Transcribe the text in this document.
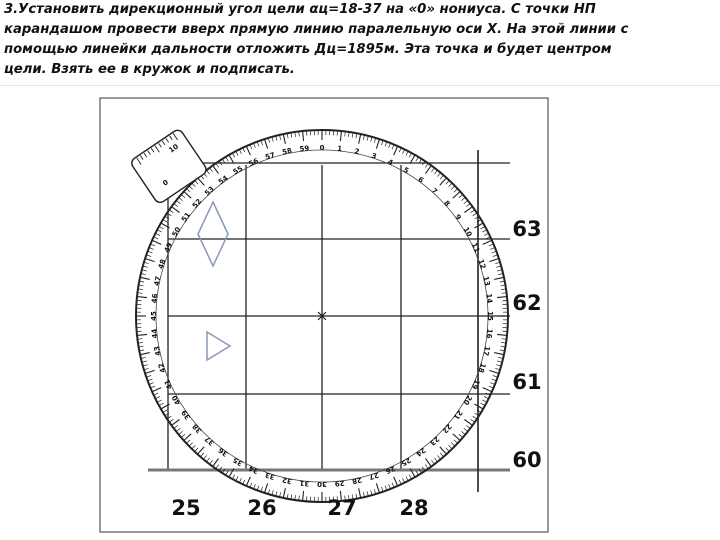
3.Установить дирекционный угол цели αц=18-37 на «0» нониуса. С точки НП
карандашом провести вверх прямую линию паралельную оси Х. На этой линии с
помощью линейки дальности отложить Дц=1895м. Эта точка и будет центром
цели. Взять ее в кружок и подписать.
0 1 2 3
4
5
6
7
8
9
10
11
12
13
14
15
16
17
18
19
20
21
22
23
24
25
26
27
28
29
30
31
32
33
34
35
36
37
38
39
40
41
42
43
44
45
46
47
48
49
50
51
52
53
54
55
56
57 58 59
0
10
63
62
61
60
25 26 27 28
